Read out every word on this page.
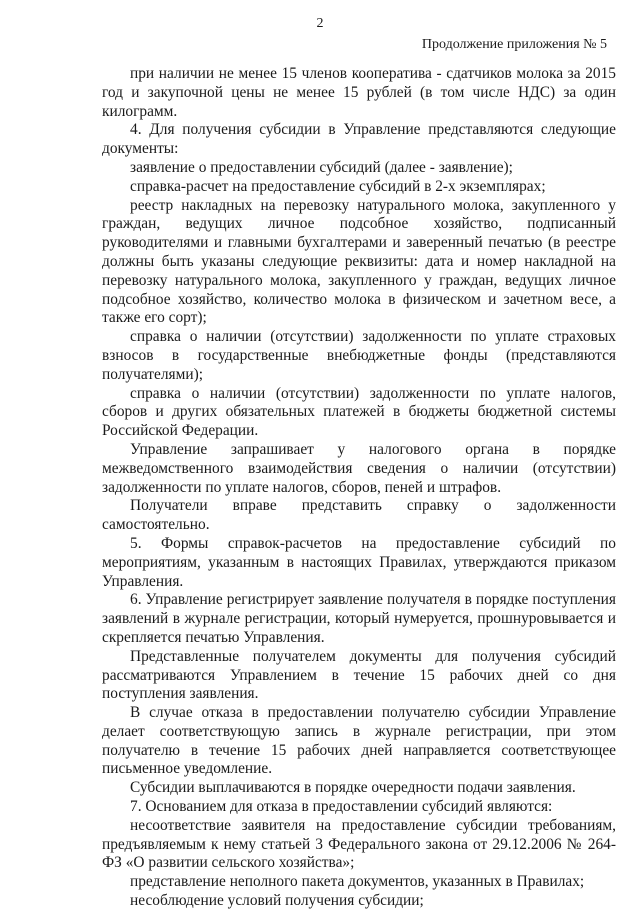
2
Продолжение приложения № 5

при наличии не менее 15 членов кооператива - сдатчиков молока за 2015 год и закупочной цены не менее 15 рублей (в том числе НДС) за один килограмм.

4. Для получения субсидии в Управление представляются следующие документы:

заявление о предоставлении субсидий (далее - заявление);

справка-расчет на предоставление субсидий в 2-х экземплярах;

реестр накладных на перевозку натурального молока, закупленного у граждан, ведущих личное подсобное хозяйство, подписанный руководителями и главными бухгалтерами и заверенный печатью (в реестре должны быть указаны следующие реквизиты: дата и номер накладной на перевозку натурального молока, закупленного у граждан, ведущих личное подсобное хозяйство, количество молока в физическом и зачетном весе, а также его сорт);

справка о наличии (отсутствии) задолженности по уплате страховых взносов в государственные внебюджетные фонды (представляются получателями);

справка о наличии (отсутствии) задолженности по уплате налогов, сборов и других обязательных платежей в бюджеты бюджетной системы Российской Федерации.

Управление запрашивает у налогового органа в порядке межведомственного взаимодействия сведения о наличии (отсутствии) задолженности по уплате налогов, сборов, пеней и штрафов.

Получатели вправе представить справку о задолженности самостоятельно.

5. Формы справок-расчетов на предоставление субсидий по мероприятиям, указанным в настоящих Правилах, утверждаются приказом Управления.

6. Управление регистрирует заявление получателя в порядке поступления заявлений в журнале регистрации, который нумеруется, прошнуровывается и скрепляется печатью Управления.

Представленные получателем документы для получения субсидий рассматриваются Управлением в течение 15 рабочих дней со дня поступления заявления.

В случае отказа в предоставлении получателю субсидии Управление делает соответствующую запись в журнале регистрации, при этом получателю в течение 15 рабочих дней направляется соответствующее письменное уведомление.

Субсидии выплачиваются в порядке очередности подачи заявления.

7. Основанием для отказа в предоставлении субсидий являются:

несоответствие заявителя на предоставление субсидии требованиям, предъявляемым к нему статьей 3 Федерального закона от 29.12.2006 № 264-ФЗ «О развитии сельского хозяйства»;

представление неполного пакета документов, указанных в Правилах;

несоблюдение условий получения субсидии;
